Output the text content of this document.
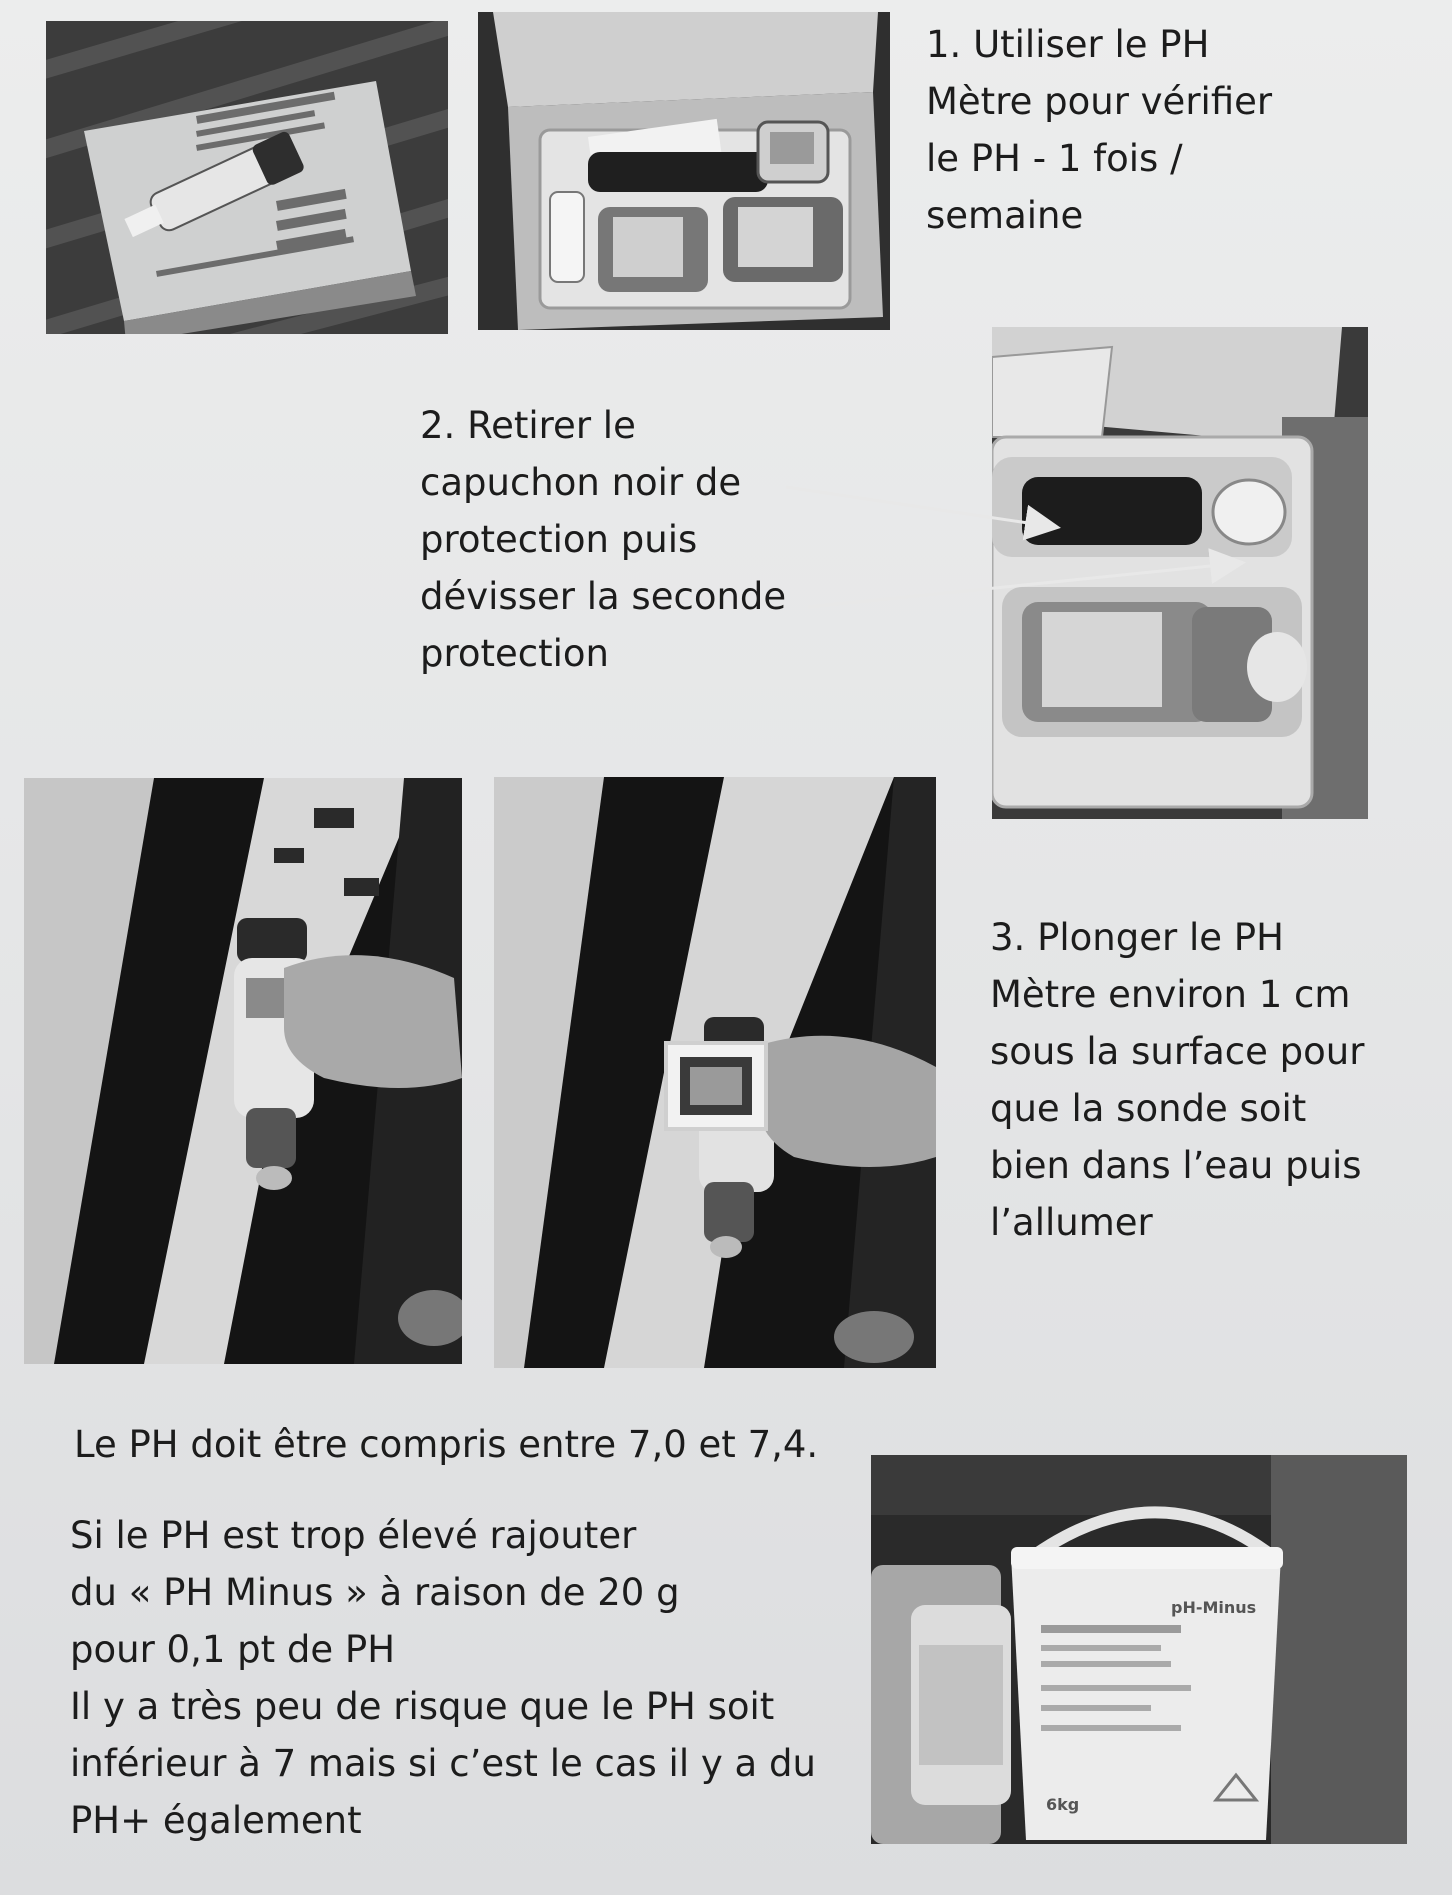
1. Utiliser le PH
Mètre pour vérifier
le PH - 1 fois /
semaine
2. Retirer le
capuchon noir de
protection puis
dévisser la seconde
protection
3. Plonger le PH
Mètre environ 1 cm
sous la surface pour
que la sonde soit
bien dans l’eau puis
l’allumer
Le PH doit être compris entre 7,0 et 7,4.
Si le PH est trop élevé rajouter
du « PH Minus » à raison de 20 g
pour 0,1 pt de PH
Il y a très peu de risque que le PH soit
inférieur à 7 mais si c’est le cas il y a du
PH+ également
pH-Minus
6kg
